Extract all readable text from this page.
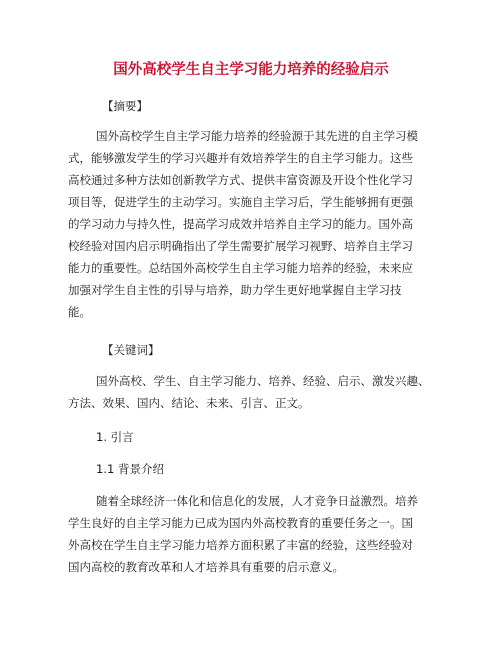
国外高校学生自主学习能力培养的经验启示
【摘要】
国外高校学生自主学习能力培养的经验源于其先进的自主学习模
式，能够激发学生的学习兴趣并有效培养学生的自主学习能力。这些
高校通过多种方法如创新教学方式、提供丰富资源及开设个性化学习
项目等，促进学生的主动学习。实施自主学习后，学生能够拥有更强
的学习动力与持久性，提高学习成效并培养自主学习的能力。国外高
校经验对国内启示明确指出了学生需要扩展学习视野、培养自主学习
能力的重要性。总结国外高校学生自主学习能力培养的经验，未来应
加强对学生自主性的引导与培养，助力学生更好地掌握自主学习技
能。
【关键词】
国外高校、学生、自主学习能力、培养、经验、启示、激发兴趣、
方法、效果、国内、结论、未来、引言、正文。
1. 引言
1.1 背景介绍
随着全球经济一体化和信息化的发展，人才竞争日益激烈。培养
学生良好的自主学习能力已成为国内外高校教育的重要任务之一。国
外高校在学生自主学习能力培养方面积累了丰富的经验，这些经验对
国内高校的教育改革和人才培养具有重要的启示意义。
